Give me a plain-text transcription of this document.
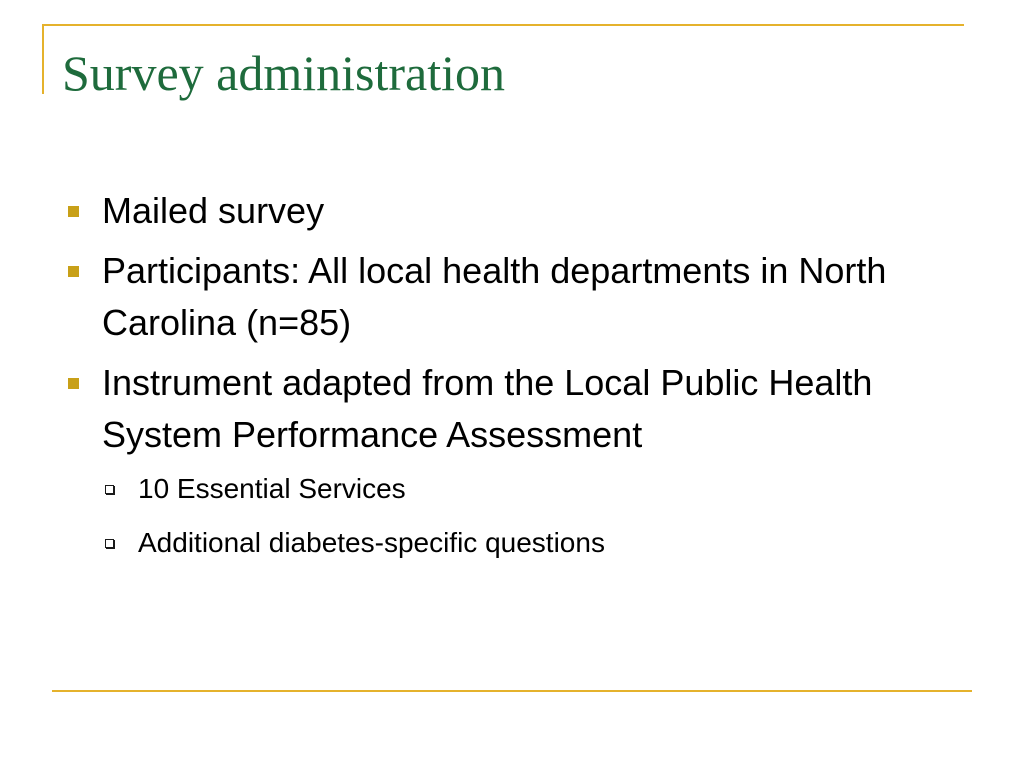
Survey administration
Mailed survey
Participants: All local health departments in North Carolina (n=85)
Instrument adapted from the Local Public Health System Performance Assessment
10 Essential Services
Additional diabetes-specific questions
